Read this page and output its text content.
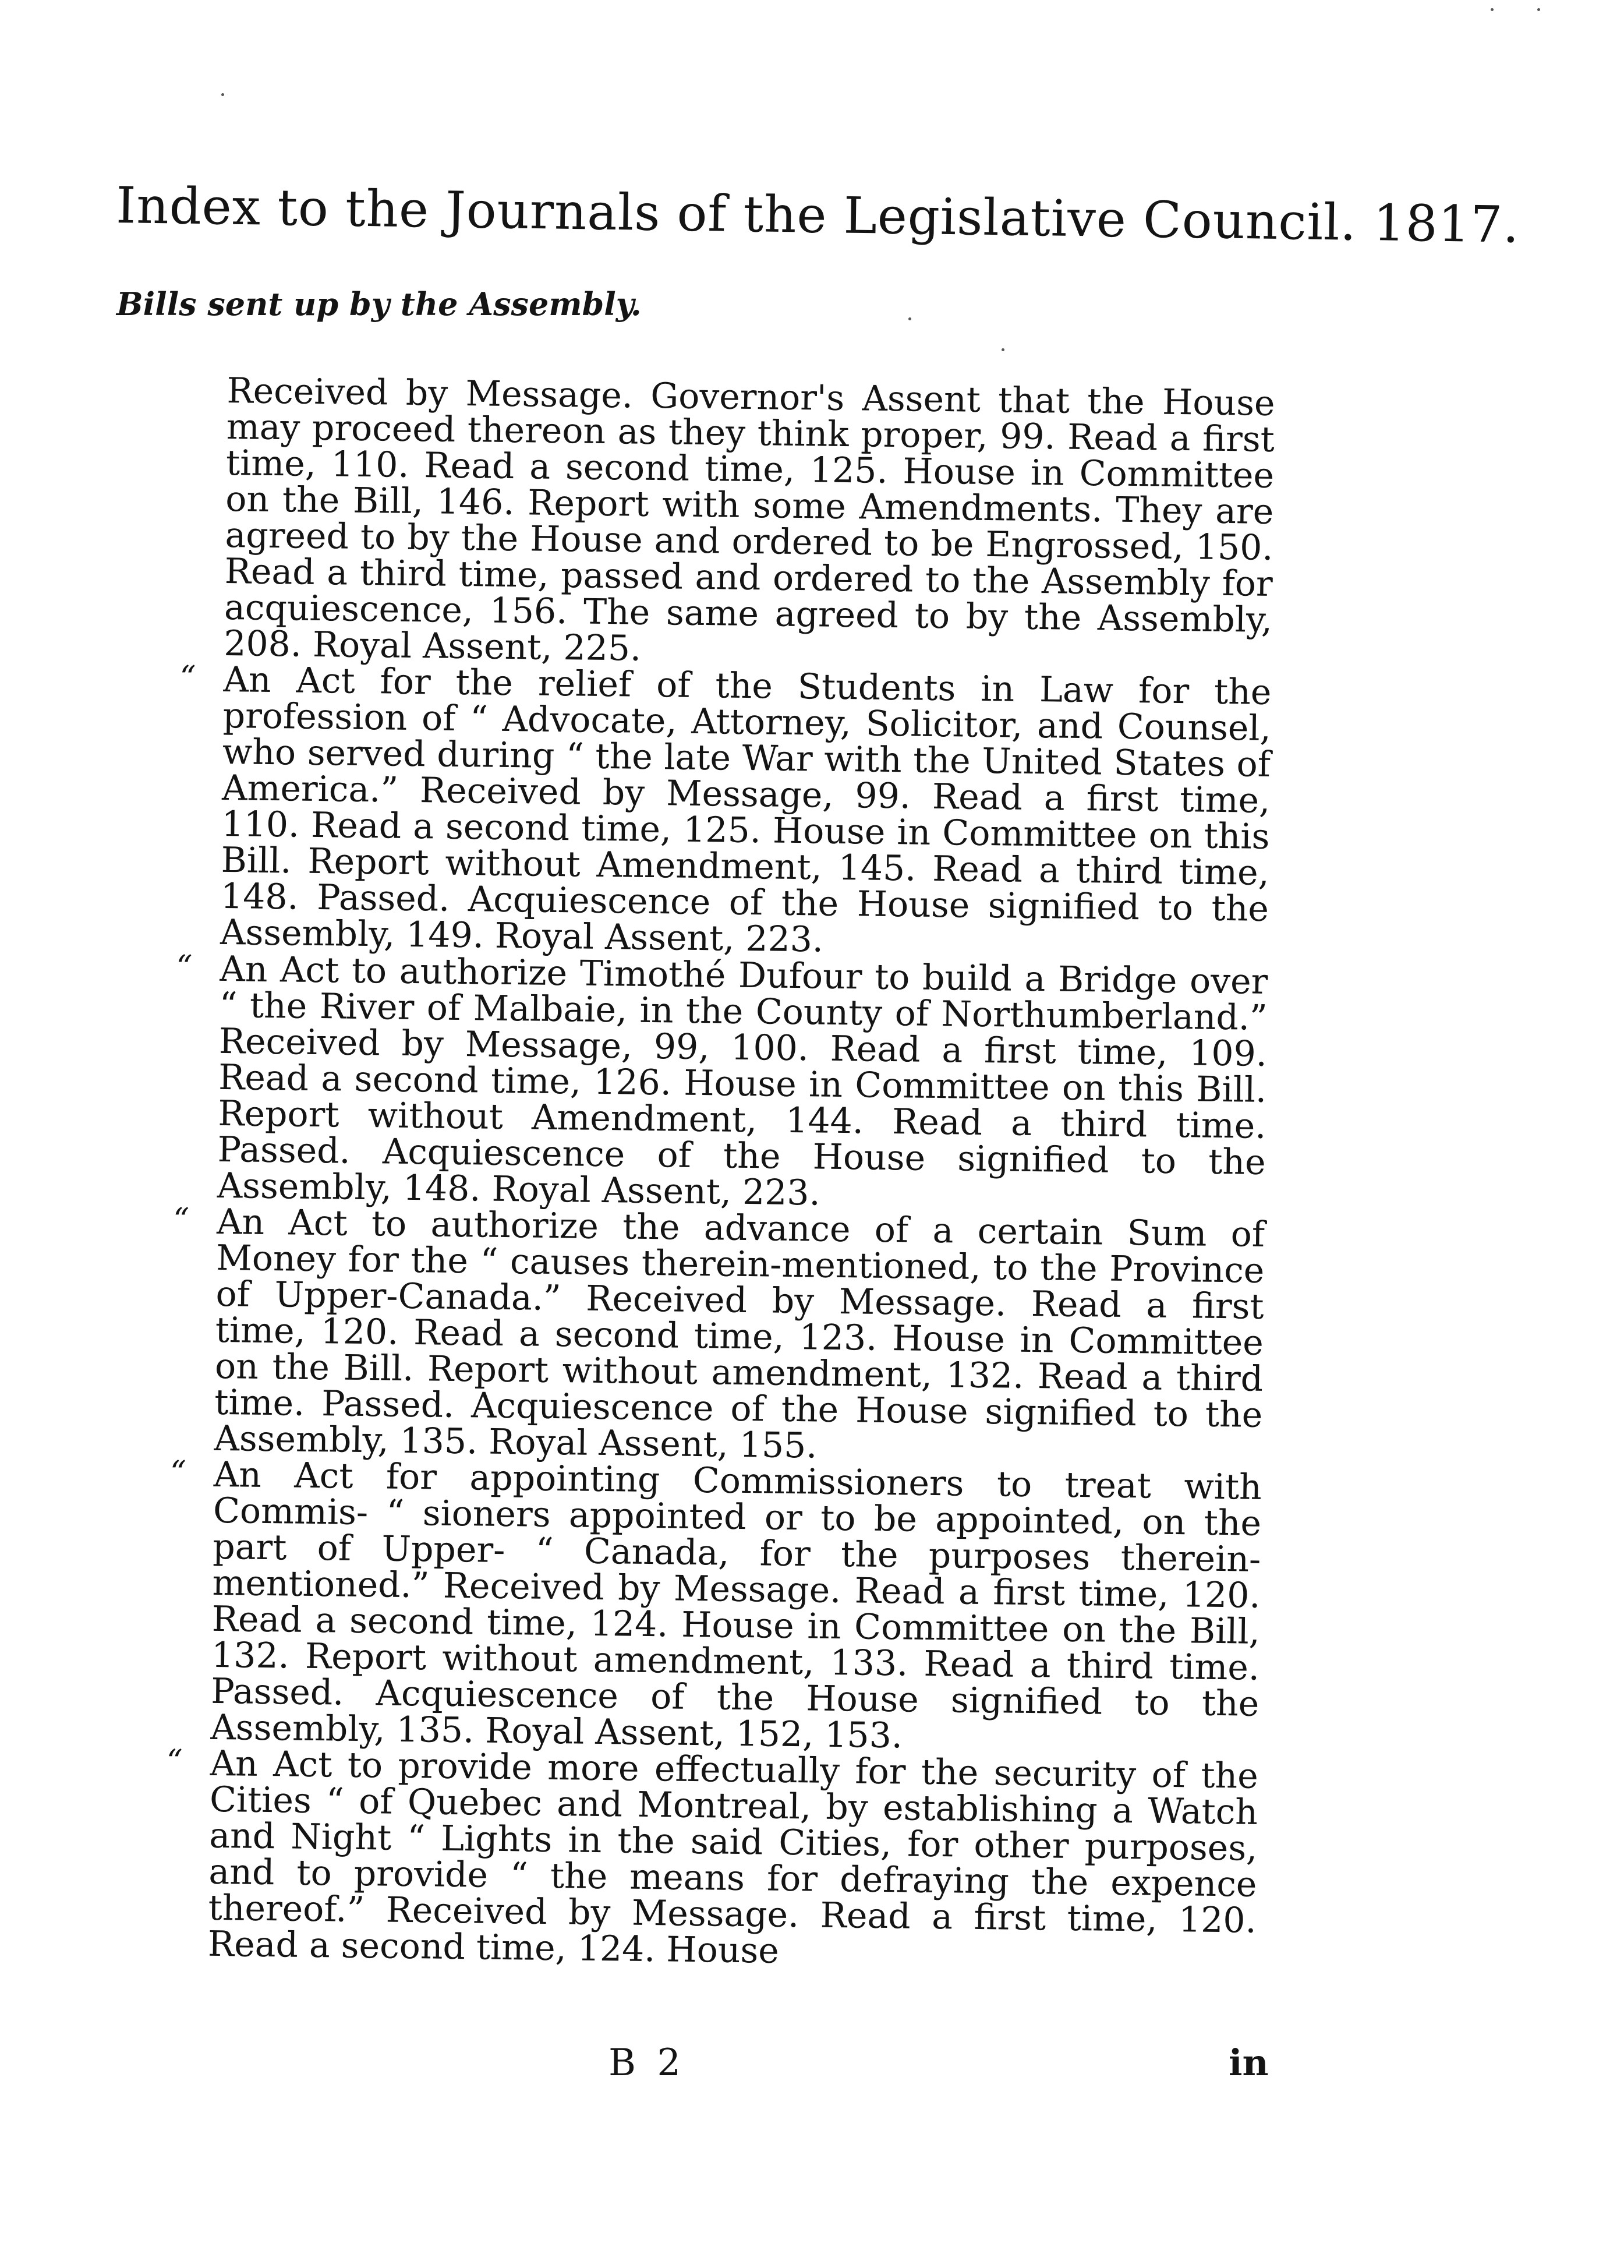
Index to the Journals of the Legislative Council. 1817.
Bills sent up by the Assembly.

Received by Message. Governor's Assent that the House may proceed thereon as they think proper, 99. Read a first time, 110. Read a second time, 125. House in Committee on the Bill, 146. Report with some Amendments. They are agreed to by the House and ordered to be Engrossed, 150. Read a third time, passed and ordered to the Assembly for acquiescence, 156. The same agreed to by the Assembly, 208. Royal Assent, 225.

“ An Act for the relief of the Students in Law for the profession of “ Advocate, Attorney, Solicitor, and Counsel, who served during “ the late War with the United States of America.” Received by Message, 99. Read a first time, 110. Read a second time, 125. House in Committee on this Bill. Report without Amendment, 145. Read a third time, 148. Passed. Acquiescence of the House signified to the Assembly, 149. Royal Assent, 223.

“ An Act to authorize Timothé Dufour to build a Bridge over “ the River of Malbaie, in the County of Northumberland.” Received by Message, 99, 100. Read a first time, 109. Read a second time, 126. House in Committee on this Bill. Report without Amendment, 144. Read a third time. Passed. Acquiescence of the House signified to the Assembly, 148. Royal Assent, 223.

“ An Act to authorize the advance of a certain Sum of Money for the “ causes therein-mentioned, to the Province of Upper-Canada.” Received by Message. Read a first time, 120. Read a second time, 123. House in Committee on the Bill. Report without amendment, 132. Read a third time. Passed. Acquiescence of the House signified to the Assembly, 135. Royal Assent, 155.

“ An Act for appointing Commissioners to treat with Commis- “ sioners appointed or to be appointed, on the part of Upper- “ Canada, for the purposes therein-mentioned.” Received by Message. Read a first time, 120. Read a second time, 124. House in Committee on the Bill, 132. Report without amendment, 133. Read a third time. Passed. Acquiescence of the House signified to the Assembly, 135. Royal Assent, 152, 153.

“ An Act to provide more effectually for the security of the Cities “ of Quebec and Montreal, by establishing a Watch and Night “ Lights in the said Cities, for other purposes, and to provide “ the means for defraying the expence thereof.” Received by Message. Read a first time, 120. Read a second time, 124. House

B 2	in
